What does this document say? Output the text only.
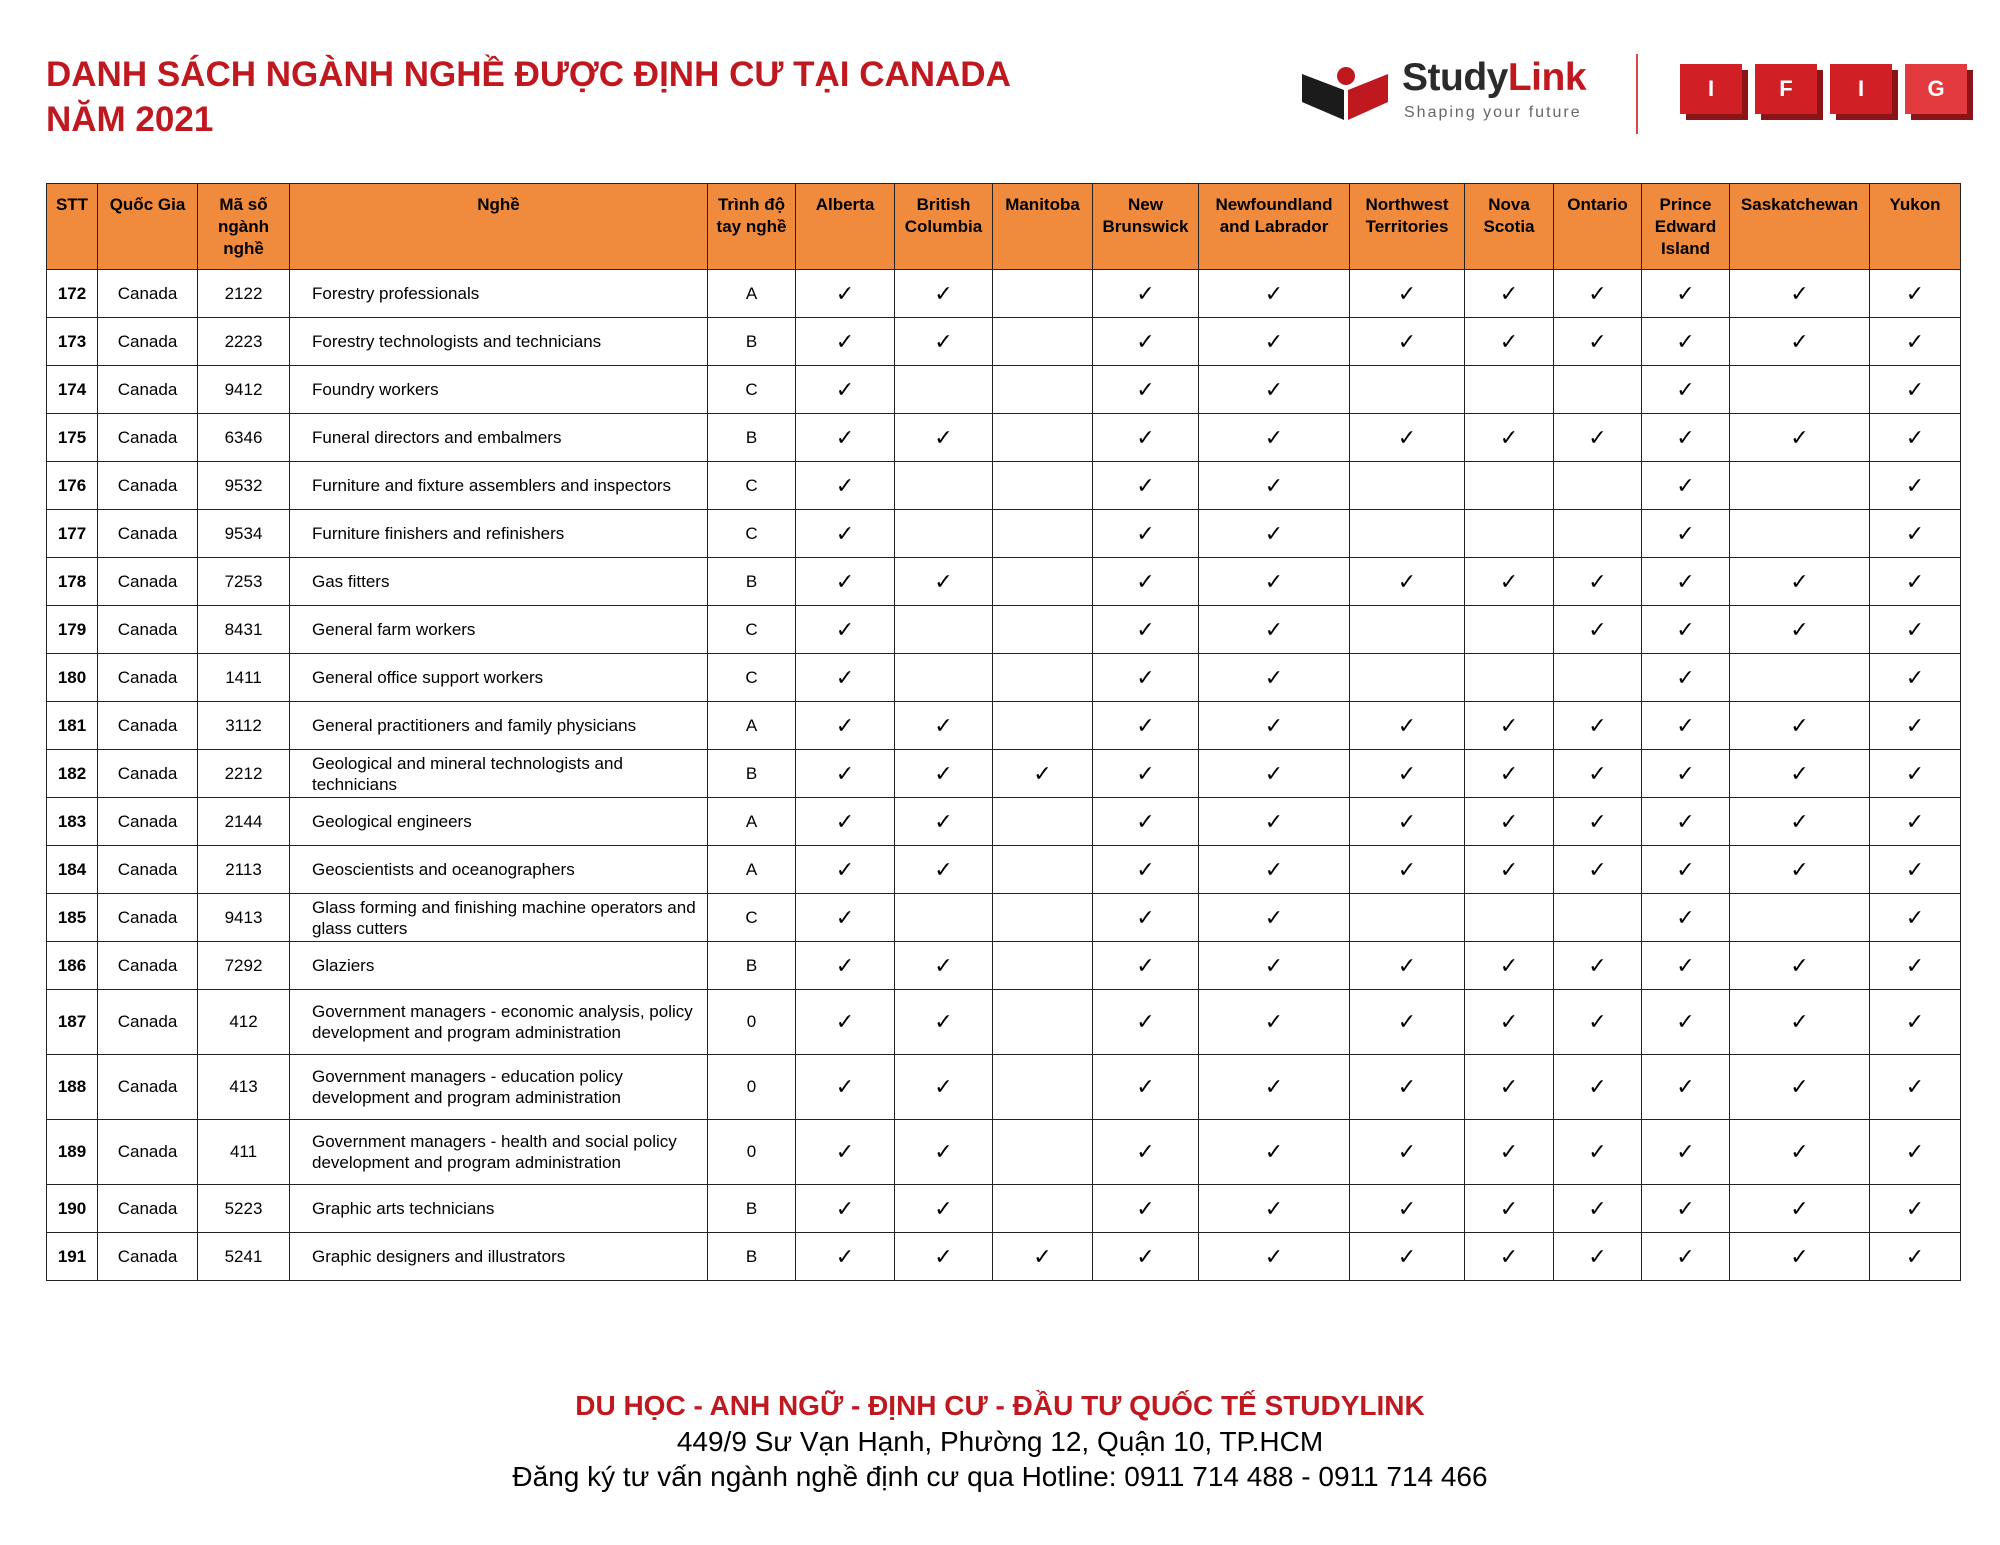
DANH SÁCH NGÀNH NGHỀ ĐƯỢC ĐỊNH CƯ TẠI CANADA
NĂM 2021
StudyLink
Shaping your future
I	F	I	G
STT	Quốc Gia	Mã số ngành nghề	Nghề	Trình độ tay nghề	Alberta	British Columbia	Manitoba	New Brunswick	Newfoundland and Labrador	Northwest Territories	Nova Scotia	Ontario	Prince Edward Island	Saskatchewan	Yukon
172	Canada	2122	Forestry professionals	A	✓	✓		✓	✓	✓	✓	✓	✓	✓	✓
173	Canada	2223	Forestry technologists and technicians	B	✓	✓		✓	✓	✓	✓	✓	✓	✓	✓
174	Canada	9412	Foundry workers	C	✓			✓	✓				✓		✓
175	Canada	6346	Funeral directors and embalmers	B	✓	✓		✓	✓	✓	✓	✓	✓	✓	✓
176	Canada	9532	Furniture and fixture assemblers and inspectors	C	✓			✓	✓				✓		✓
177	Canada	9534	Furniture finishers and refinishers	C	✓			✓	✓				✓		✓
178	Canada	7253	Gas fitters	B	✓	✓		✓	✓	✓	✓	✓	✓	✓	✓
179	Canada	8431	General farm workers	C	✓			✓	✓			✓	✓	✓	✓
180	Canada	1411	General office support workers	C	✓			✓	✓				✓		✓
181	Canada	3112	General practitioners and family physicians	A	✓	✓		✓	✓	✓	✓	✓	✓	✓	✓
182	Canada	2212	Geological and mineral technologists and technicians	B	✓	✓	✓	✓	✓	✓	✓	✓	✓	✓	✓
183	Canada	2144	Geological engineers	A	✓	✓		✓	✓	✓	✓	✓	✓	✓	✓
184	Canada	2113	Geoscientists and oceanographers	A	✓	✓		✓	✓	✓	✓	✓	✓	✓	✓
185	Canada	9413	Glass forming and finishing machine operators and glass cutters	C	✓			✓	✓				✓		✓
186	Canada	7292	Glaziers	B	✓	✓		✓	✓	✓	✓	✓	✓	✓	✓
187	Canada	412	Government managers - economic analysis, policy development and program administration	0	✓	✓		✓	✓	✓	✓	✓	✓	✓	✓
188	Canada	413	Government managers - education policy development and program administration	0	✓	✓		✓	✓	✓	✓	✓	✓	✓	✓
189	Canada	411	Government managers - health and social policy development and program administration	0	✓	✓		✓	✓	✓	✓	✓	✓	✓	✓
190	Canada	5223	Graphic arts technicians	B	✓	✓		✓	✓	✓	✓	✓	✓	✓	✓
191	Canada	5241	Graphic designers and illustrators	B	✓	✓	✓	✓	✓	✓	✓	✓	✓	✓	✓
DU HỌC - ANH NGỮ - ĐỊNH CƯ - ĐẦU TƯ QUỐC TẾ STUDYLINK
449/9 Sư Vạn Hạnh, Phường 12, Quận 10, TP.HCM
Đăng ký tư vấn ngành nghề định cư qua Hotline: 0911 714 488 - 0911 714 466
